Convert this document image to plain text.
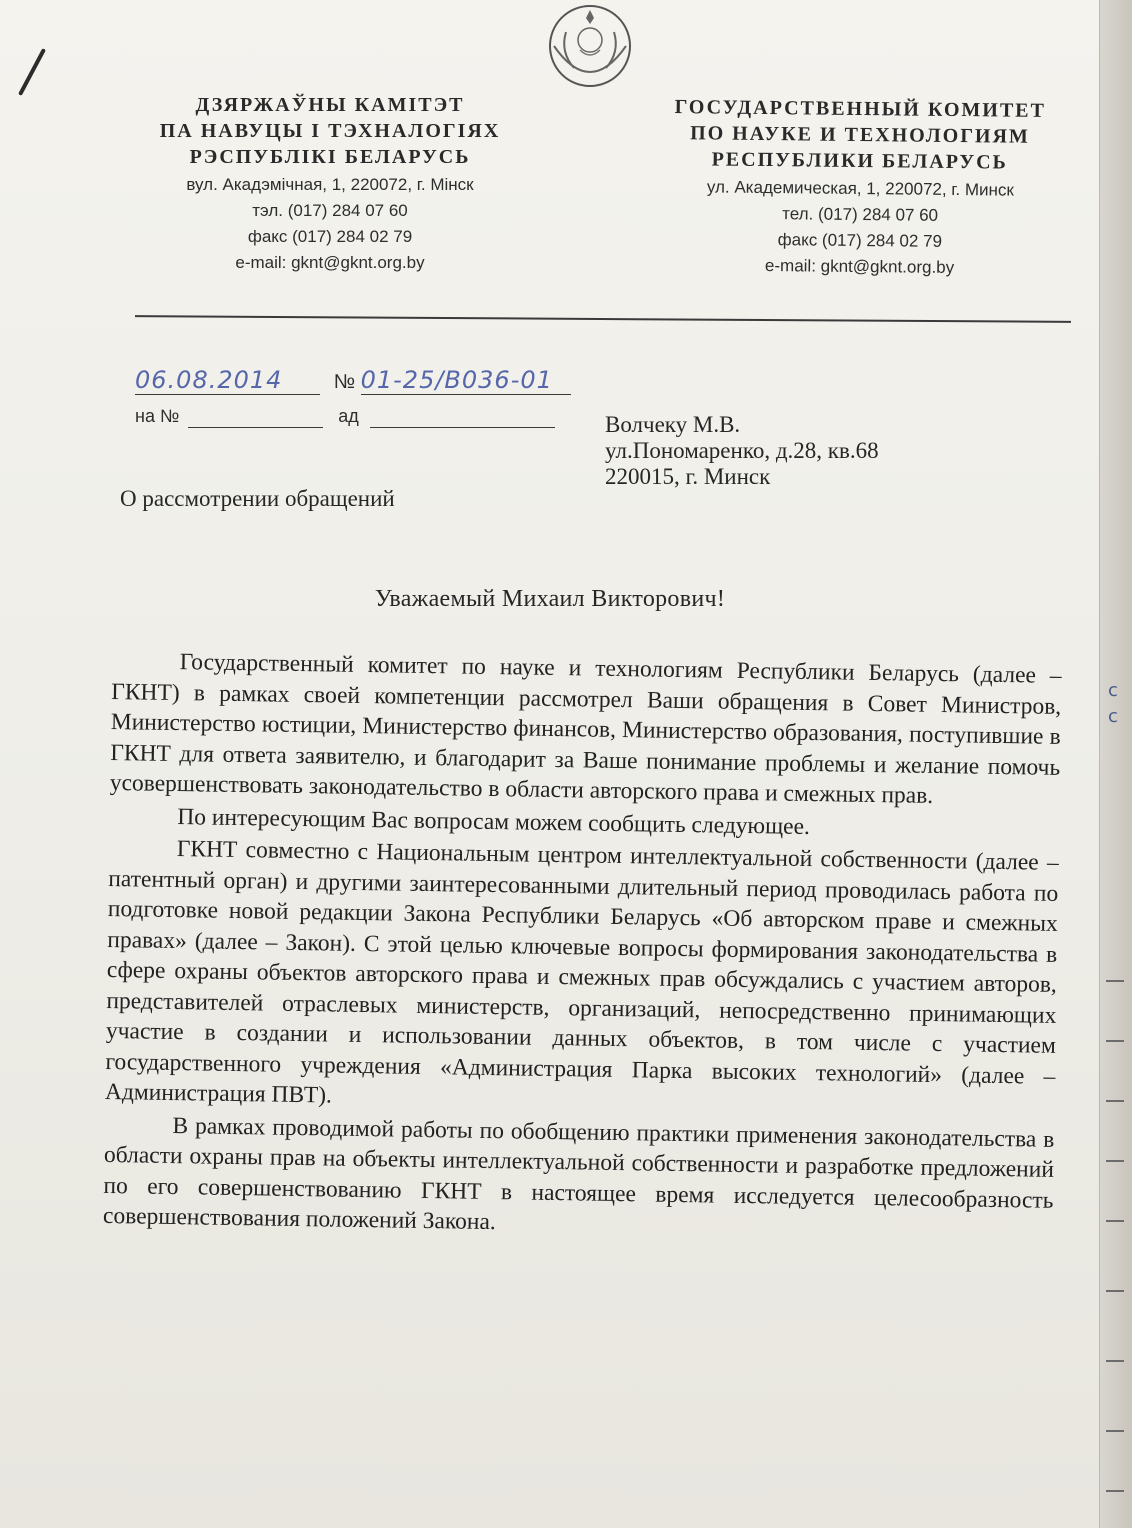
ДЗЯРЖАЎНЫ КАМІТЭТ
ПА НАВУЦЫ І ТЭХНАЛОГІЯХ
РЭСПУБЛІКІ БЕЛАРУСЬ
вул. Акадэмічная, 1, 220072, г. Мінск
тэл. (017) 284 07 60
факс (017) 284 02 79
e-mail: gknt@gknt.org.by
ГОСУДАРСТВЕННЫЙ КОМИТЕТ
ПО НАУКЕ И ТЕХНОЛОГИЯМ
РЕСПУБЛИКИ БЕЛАРУСЬ
ул. Академическая, 1, 220072, г. Минск
тел. (017) 284 07 60
факс (017) 284 02 79
e-mail: gknt@gknt.org.by
06.08.2014	№ 01-25/В036-01
на №	ад	Волчеку М.В.
ул.Пономаренко, д.28, кв.68
220015, г. Минск
О рассмотрении обращений
Уважаемый Михаил Викторович!

Государственный комитет по науке и технологиям Республики Беларусь (далее – ГКНТ) в рамках своей компетенции рассмотрел Ваши обращения в Совет Министров, Министерство юстиции, Министерство финансов, Министерство образования, поступившие в ГКНТ для ответа заявителю, и благодарит за Ваше понимание проблемы и желание помочь усовершенствовать законодательство в области авторского права и смежных прав.

По интересующим Вас вопросам можем сообщить следующее.

ГКНТ совместно с Национальным центром интеллектуальной собственности (далее – патентный орган) и другими заинтересованными длительный период проводилась работа по подготовке новой редакции Закона Республики Беларусь «Об авторском праве и смежных правах» (далее – Закон). С этой целью ключевые вопросы формирования законодательства в сфере охраны объектов авторского права и смежных прав обсуждались с участием авторов, представителей отраслевых министерств, организаций, непосредственно принимающих участие в создании и использовании данных объектов, в том числе с участием государственного учреждения «Администрация Парка высоких технологий» (далее – Администрация ПВТ).

В рамках проводимой работы по обобщению практики применения законодательства в области охраны прав на объекты интеллектуальной собственности и разработке предложений по его совершенствованию ГКНТ в настоящее время исследуется целесообразность совершенствования положений Закона.

c
с
